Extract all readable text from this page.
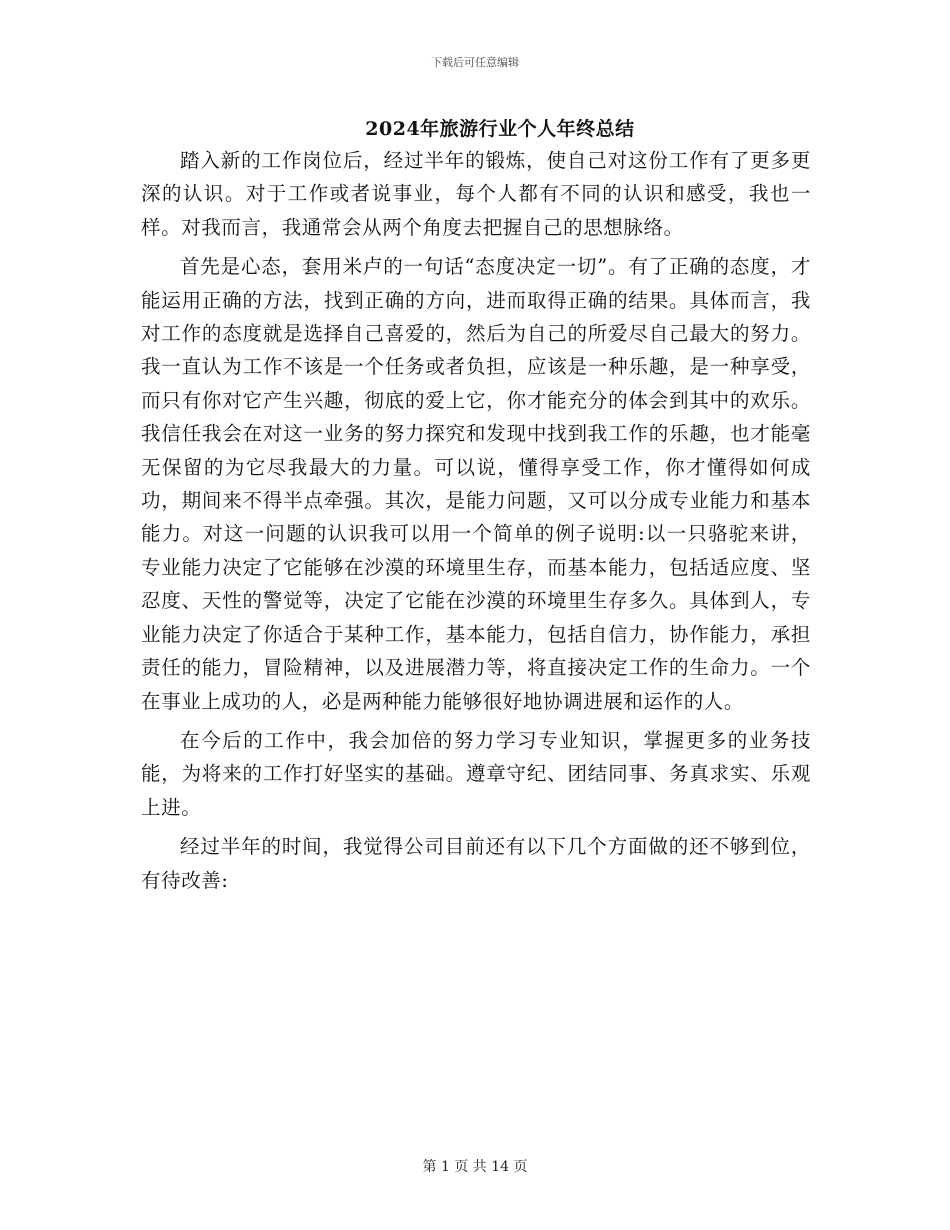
下载后可任意编辑
2024年旅游行业个人年终总结

踏入新的工作岗位后，经过半年的锻炼，使自己对这份工作有了更多更深的认识。对于工作或者说事业，每个人都有不同的认识和感受，我也一样。对我而言，我通常会从两个角度去把握自己的思想脉络。

首先是心态，套用米卢的一句话“态度决定一切”。有了正确的态度，才能运用正确的方法，找到正确的方向，进而取得正确的结果。具体而言，我对工作的态度就是选择自己喜爱的，然后为自己的所爱尽自己最大的努力。我一直认为工作不该是一个任务或者负担，应该是一种乐趣，是一种享受，而只有你对它产生兴趣，彻底的爱上它，你才能充分的体会到其中的欢乐。我信任我会在对这一业务的努力探究和发现中找到我工作的乐趣，也才能毫无保留的为它尽我最大的力量。可以说，懂得享受工作，你才懂得如何成功，期间来不得半点牵强。其次，是能力问题，又可以分成专业能力和基本能力。对这一问题的认识我可以用一个简单的例子说明:以一只骆驼来讲，专业能力决定了它能够在沙漠的环境里生存，而基本能力，包括适应度、坚忍度、天性的警觉等，决定了它能在沙漠的环境里生存多久。具体到人，专业能力决定了你适合于某种工作，基本能力，包括自信力，协作能力，承担责任的能力，冒险精神，以及进展潜力等，将直接决定工作的生命力。一个在事业上成功的人，必是两种能力能够很好地协调进展和运作的人。

在今后的工作中，我会加倍的努力学习专业知识，掌握更多的业务技能，为将来的工作打好坚实的基础。遵章守纪、团结同事、务真求实、乐观上进。

经过半年的时间，我觉得公司目前还有以下几个方面做的还不够到位，有待改善:

第 1 页 共 14 页
